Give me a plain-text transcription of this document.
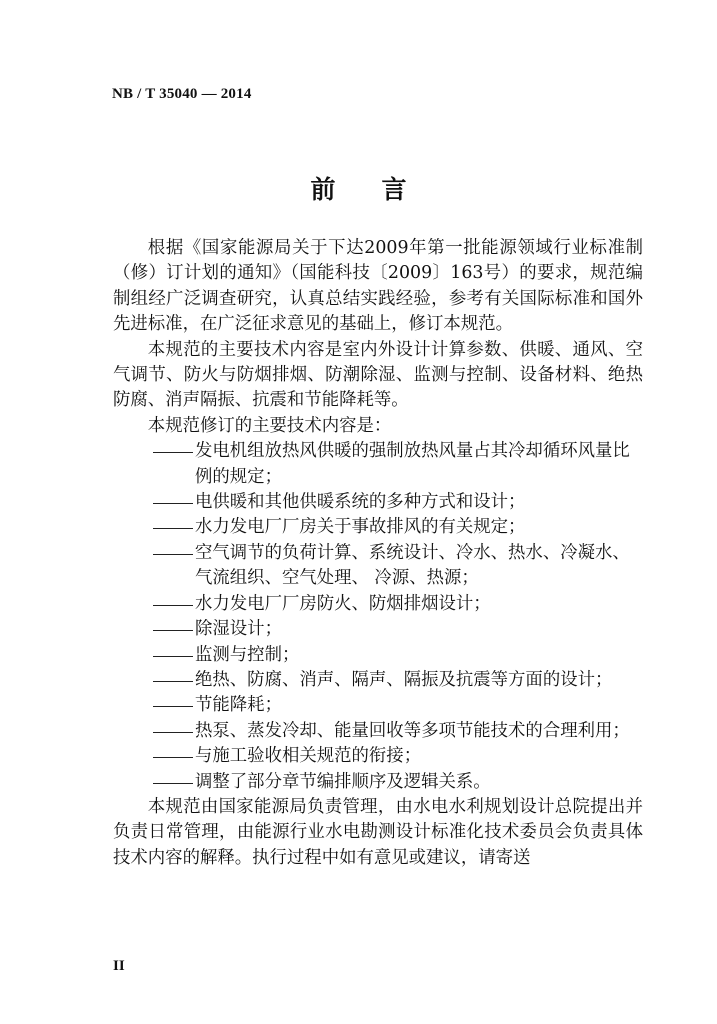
NB / T 35040 — 2014
前言

根据《国家能源局关于下达2009年第一批能源领域行业标准制（修）订计划的通知》（国能科技〔2009〕163号）的要求，规范编制组经广泛调查研究，认真总结实践经验，参考有关国际标准和国外先进标准，在广泛征求意见的基础上，修订本规范。

本规范的主要技术内容是室内外设计计算参数、供暖、通风、空气调节、防火与防烟排烟、防潮除湿、监测与控制、设备材料、绝热防腐、消声隔振、抗震和节能降耗等。

本规范修订的主要技术内容是：

发电机组放热风供暖的强制放热风量占其冷却循环风量比例的规定；

电供暖和其他供暖系统的多种方式和设计；

水力发电厂厂房关于事故排风的有关规定；

空气调节的负荷计算、系统设计、冷水、热水、冷凝水、气流组织、空气处理、 冷源、热源；

水力发电厂厂房防火、防烟排烟设计；

除湿设计；

监测与控制；

绝热、防腐、消声、隔声、隔振及抗震等方面的设计；

节能降耗；

热泵、蒸发冷却、能量回收等多项节能技术的合理利用；

与施工验收相关规范的衔接；

调整了部分章节编排顺序及逻辑关系。

本规范由国家能源局负责管理，由水电水利规划设计总院提出并负责日常管理，由能源行业水电勘测设计标准化技术委员会负责具体技术内容的解释。执行过程中如有意见或建议，请寄送

II
